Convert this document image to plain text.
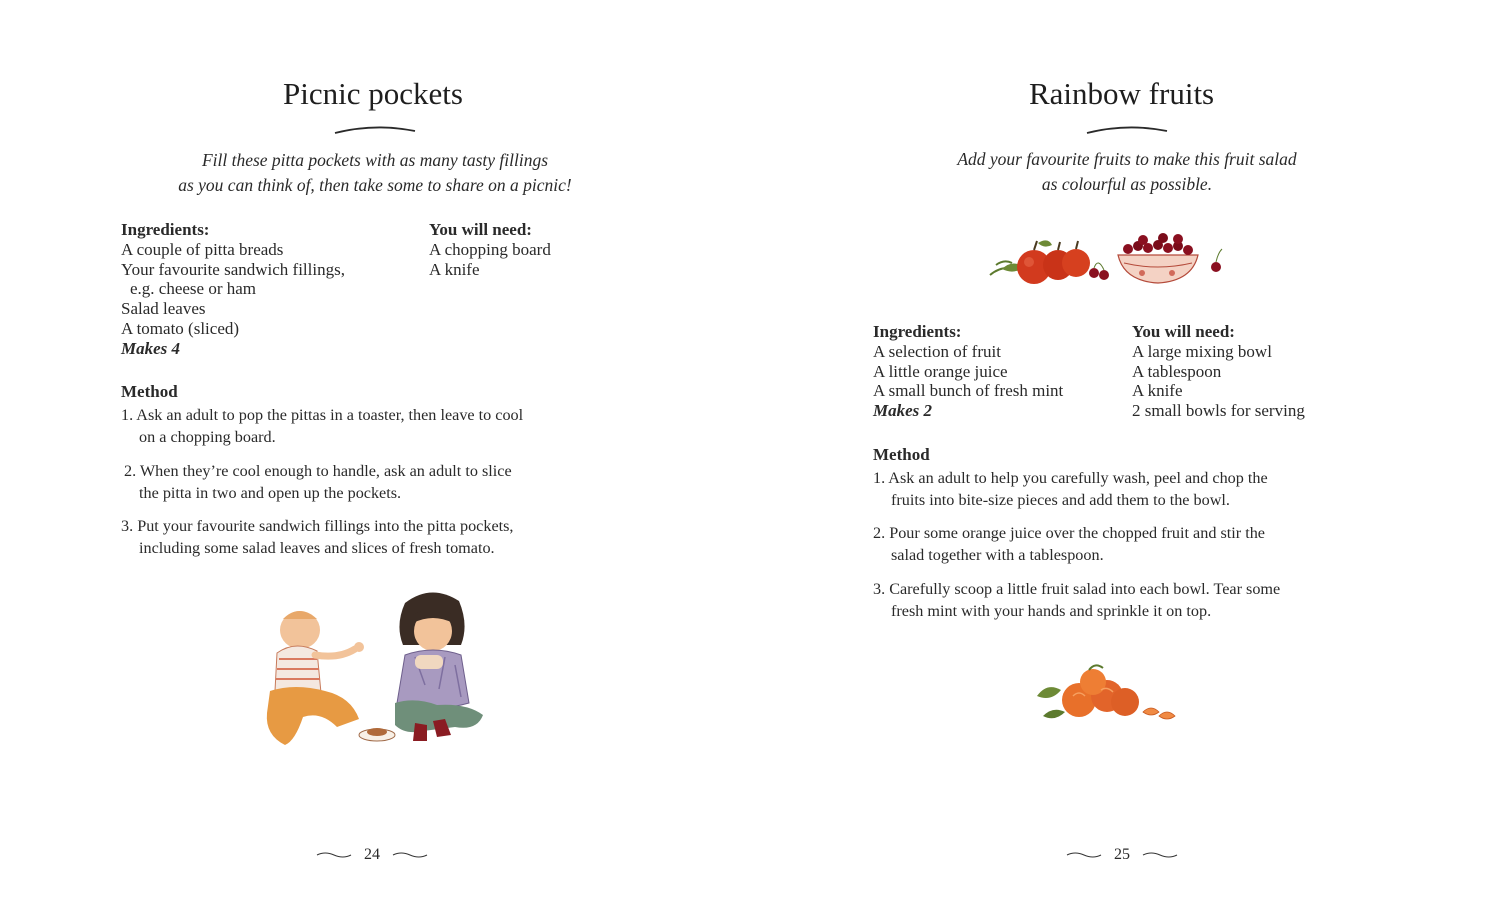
Picnic pockets
Fill these pitta pockets with as many tasty fillings
as you can think of, then take some to share on a picnic!
Ingredients:
A couple of pitta breads
Your favourite sandwich fillings,
e.g. cheese or ham
Salad leaves
A tomato (sliced)
Makes 4
You will need:
A chopping board
A knife
Method
1. Ask an adult to pop the pittas in a toaster, then leave to cool
on a chopping board.
2. When they’re cool enough to handle, ask an adult to slice
the pitta in two and open up the pockets.
3. Put your favourite sandwich fillings into the pitta pockets,
including some salad leaves and slices of fresh tomato.
24
Rainbow fruits
Add your favourite fruits to make this fruit salad
as colourful as possible.
Ingredients:
A selection of fruit
A little orange juice
A small bunch of fresh mint
Makes 2
You will need:
A large mixing bowl
A tablespoon
A knife
2 small bowls for serving
Method
1. Ask an adult to help you carefully wash, peel and chop the
fruits into bite-size pieces and add them to the bowl.
2. Pour some orange juice over the chopped fruit and stir the
salad together with a tablespoon.
3. Carefully scoop a little fruit salad into each bowl. Tear some
fresh mint with your hands and sprinkle it on top.
25
